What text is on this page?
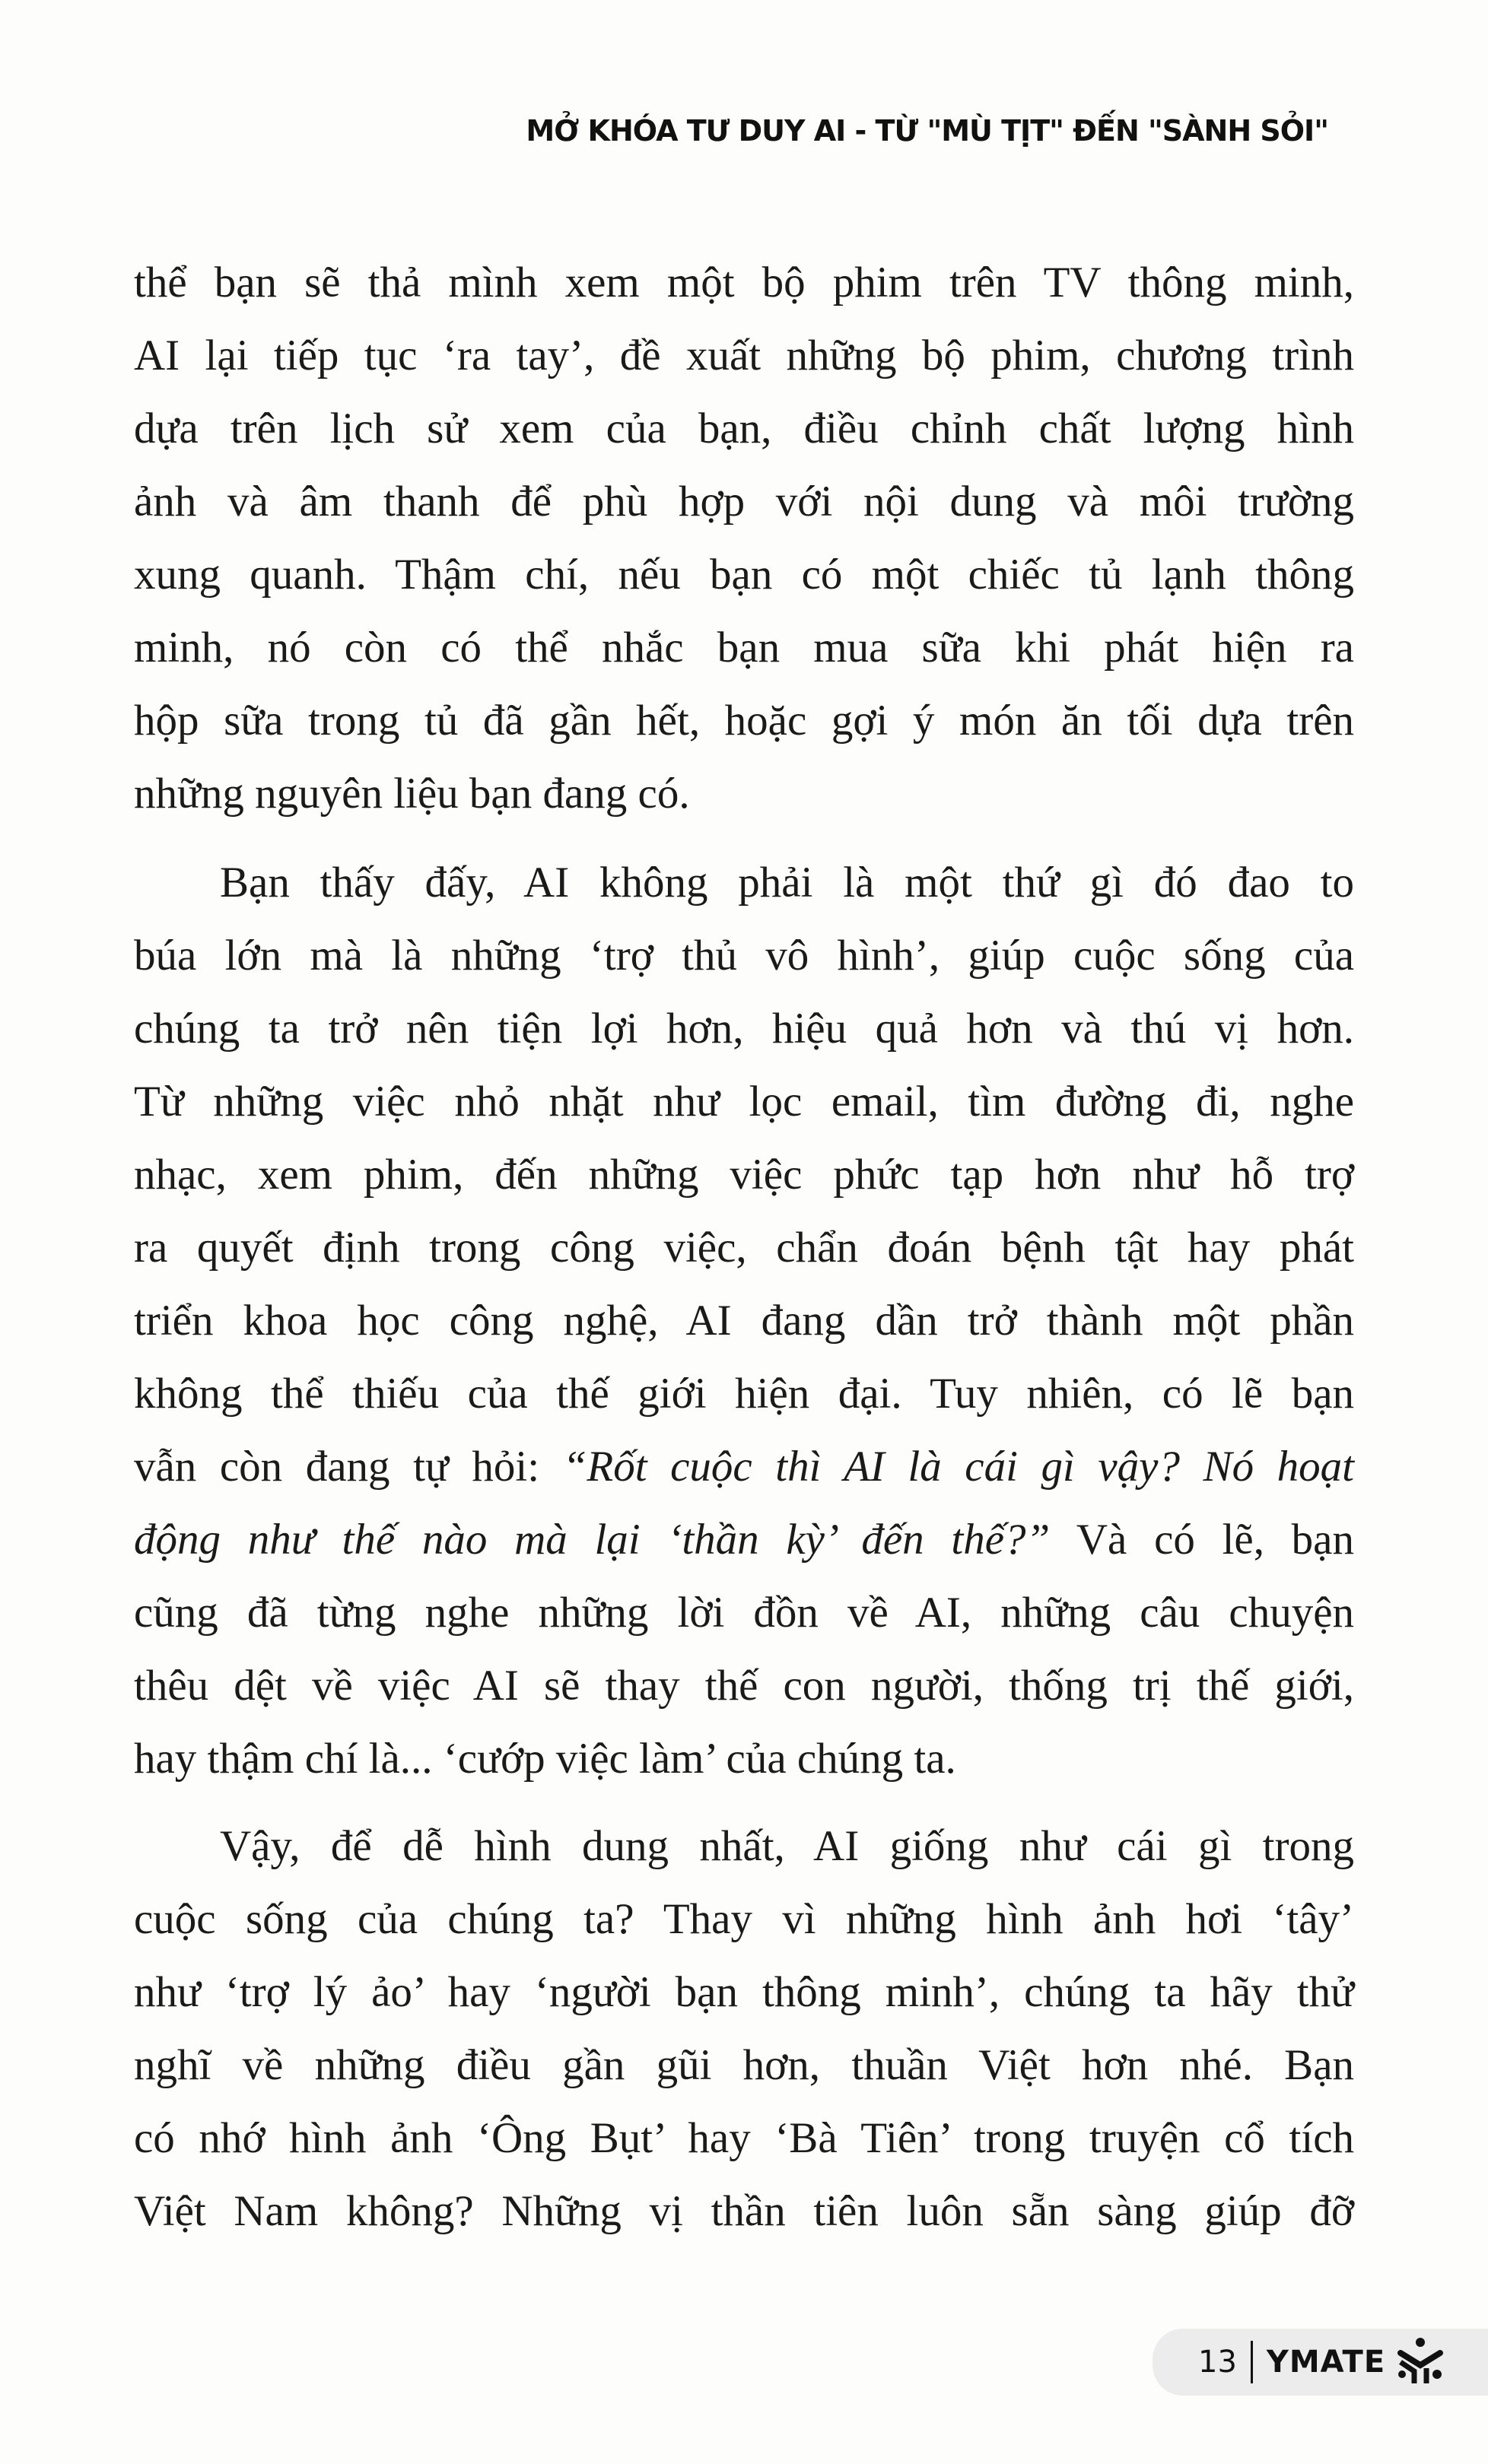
MỞ KHÓA TƯ DUY AI - TỪ "MÙ TỊT" ĐẾN "SÀNH SỎI"
thể bạn sẽ thả mình xem một bộ phim trên TV thông minh,
AI lại tiếp tục ‘ra tay’, đề xuất những bộ phim, chương trình
dựa trên lịch sử xem của bạn, điều chỉnh chất lượng hình
ảnh và âm thanh để phù hợp với nội dung và môi trường
xung quanh. Thậm chí, nếu bạn có một chiếc tủ lạnh thông
minh, nó còn có thể nhắc bạn mua sữa khi phát hiện ra
hộp sữa trong tủ đã gần hết, hoặc gợi ý món ăn tối dựa trên
những nguyên liệu bạn đang có.
Bạn thấy đấy, AI không phải là một thứ gì đó đao to
búa lớn mà là những ‘trợ thủ vô hình’, giúp cuộc sống của
chúng ta trở nên tiện lợi hơn, hiệu quả hơn và thú vị hơn.
Từ những việc nhỏ nhặt như lọc email, tìm đường đi, nghe
nhạc, xem phim, đến những việc phức tạp hơn như hỗ trợ
ra quyết định trong công việc, chẩn đoán bệnh tật hay phát
triển khoa học công nghệ, AI đang dần trở thành một phần
không thể thiếu của thế giới hiện đại. Tuy nhiên, có lẽ bạn
vẫn còn đang tự hỏi: “Rốt cuộc thì AI là cái gì vậy? Nó hoạt
động như thế nào mà lại ‘thần kỳ’ đến thế?” Và có lẽ, bạn
cũng đã từng nghe những lời đồn về AI, những câu chuyện
thêu dệt về việc AI sẽ thay thế con người, thống trị thế giới,
hay thậm chí là... ‘cướp việc làm’ của chúng ta.
Vậy, để dễ hình dung nhất, AI giống như cái gì trong
cuộc sống của chúng ta? Thay vì những hình ảnh hơi ‘tây’
như ‘trợ lý ảo’ hay ‘người bạn thông minh’, chúng ta hãy thử
nghĩ về những điều gần gũi hơn, thuần Việt hơn nhé. Bạn
có nhớ hình ảnh ‘Ông Bụt’ hay ‘Bà Tiên’ trong truyện cổ tích
Việt Nam không? Những vị thần tiên luôn sẵn sàng giúp đỡ
13 YMATE
